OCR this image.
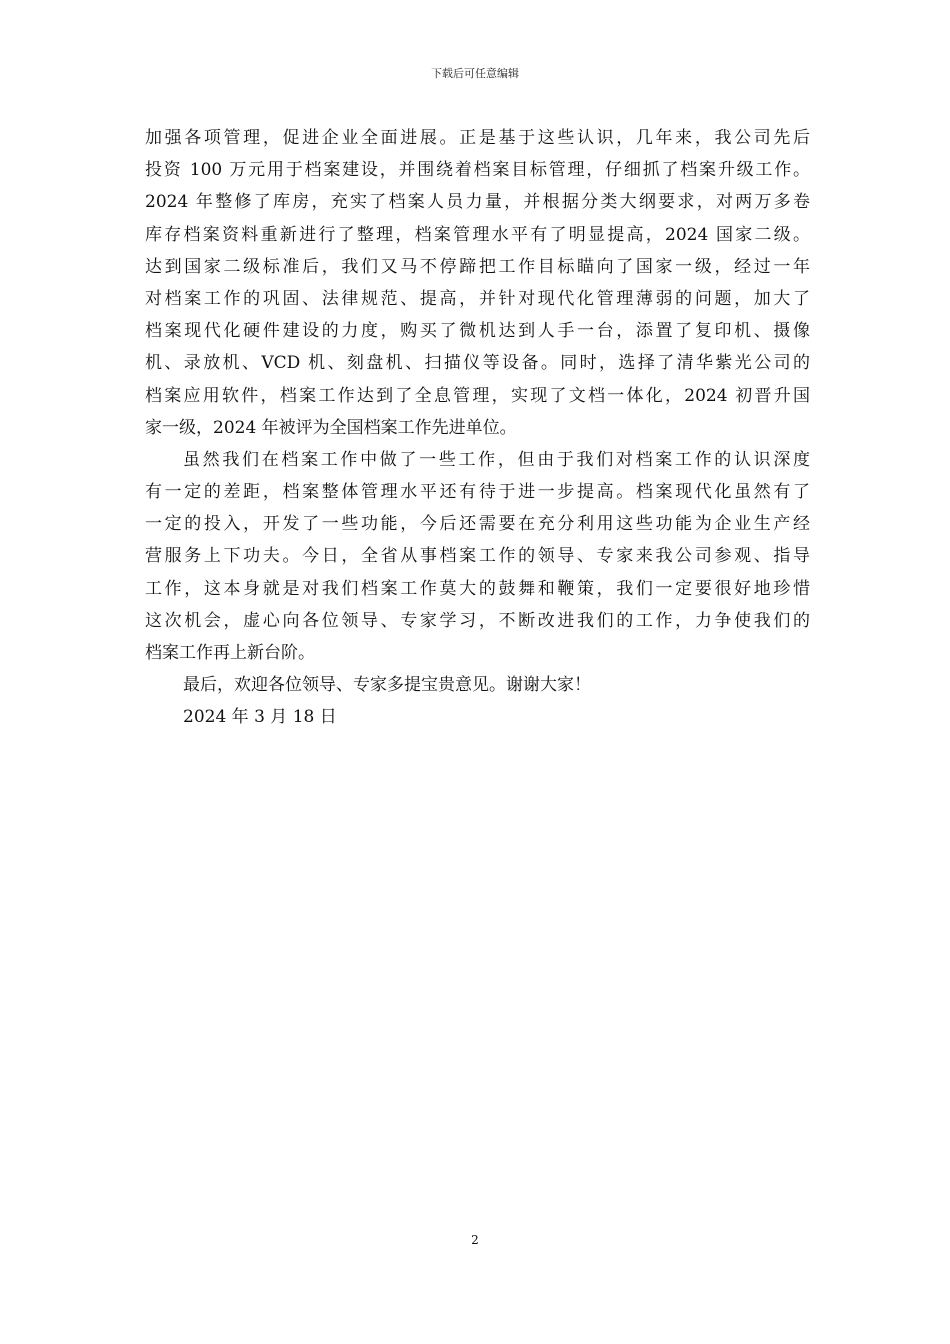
下载后可任意编辑
加强各项管理，促进企业全面进展。正是基于这些认识，几年来，我公司先后
投资 100 万元用于档案建设，并围绕着档案目标管理，仔细抓了档案升级工作。
2024 年整修了库房，充实了档案人员力量，并根据分类大纲要求，对两万多卷
库存档案资料重新进行了整理，档案管理水平有了明显提高，2024 国家二级。
达到国家二级标准后，我们又马不停蹄把工作目标瞄向了国家一级，经过一年
对档案工作的巩固、法律规范、提高，并针对现代化管理薄弱的问题，加大了
档案现代化硬件建设的力度，购买了微机达到人手一台，添置了复印机、摄像
机、录放机、VCD 机、刻盘机、扫描仪等设备。同时，选择了清华紫光公司的
档案应用软件，档案工作达到了全息管理，实现了文档一体化，2024 初晋升国
家一级，2024 年被评为全国档案工作先进单位。
虽然我们在档案工作中做了一些工作，但由于我们对档案工作的认识深度
有一定的差距，档案整体管理水平还有待于进一步提高。档案现代化虽然有了
一定的投入，开发了一些功能，今后还需要在充分利用这些功能为企业生产经
营服务上下功夫。今日，全省从事档案工作的领导、专家来我公司参观、指导
工作，这本身就是对我们档案工作莫大的鼓舞和鞭策，我们一定要很好地珍惜
这次机会，虚心向各位领导、专家学习，不断改进我们的工作，力争使我们的
档案工作再上新台阶。
最后，欢迎各位领导、专家多提宝贵意见。谢谢大家！
2024 年 3 月 18 日
2
